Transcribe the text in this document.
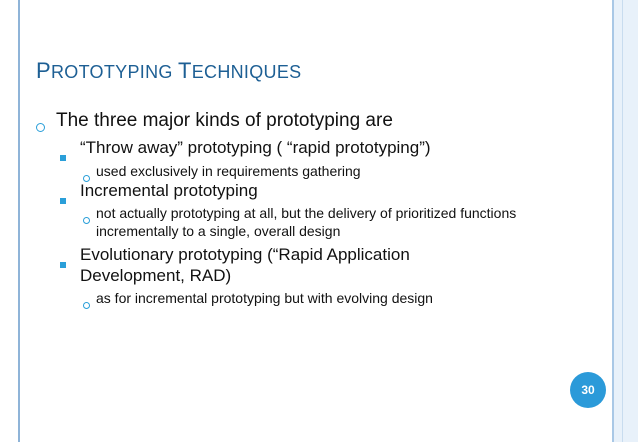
PROTOTYPING TECHNIQUES
The three major kinds of prototyping are
“Throw away” prototyping ( “rapid prototyping”)
used exclusively in requirements gathering
Incremental prototyping
not actually prototyping at all, but the delivery of prioritized functions
incrementally to a single, overall design
Evolutionary prototyping (“Rapid Application
Development, RAD)
as for incremental prototyping but with evolving design
30
